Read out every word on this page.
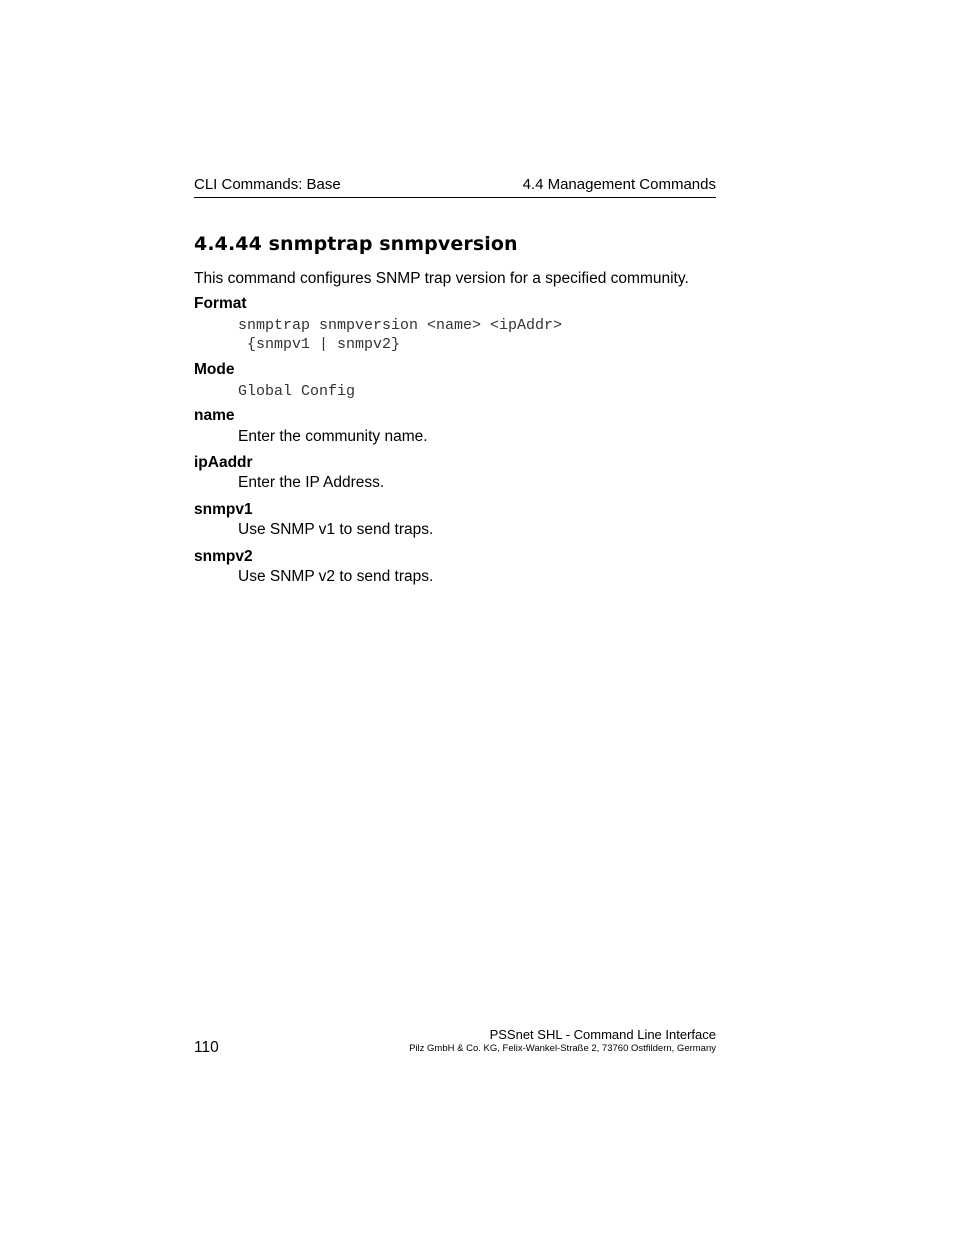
CLI Commands: Base	4.4 Management Commands
4.4.44 snmptrap snmpversion
This command configures SNMP trap version for a specified community.
Format
snmptrap snmpversion <name> <ipAddr>
{snmpv1 | snmpv2}
Mode
Global Config
name
Enter the community name.
ipAaddr
Enter the IP Address.
snmpv1
Use SNMP v1 to send traps.
snmpv2
Use SNMP v2 to send traps.
110
PSSnet SHL - Command Line Interface
Pilz GmbH & Co. KG, Felix-Wankel-Straße 2, 73760 Ostfildern, Germany
